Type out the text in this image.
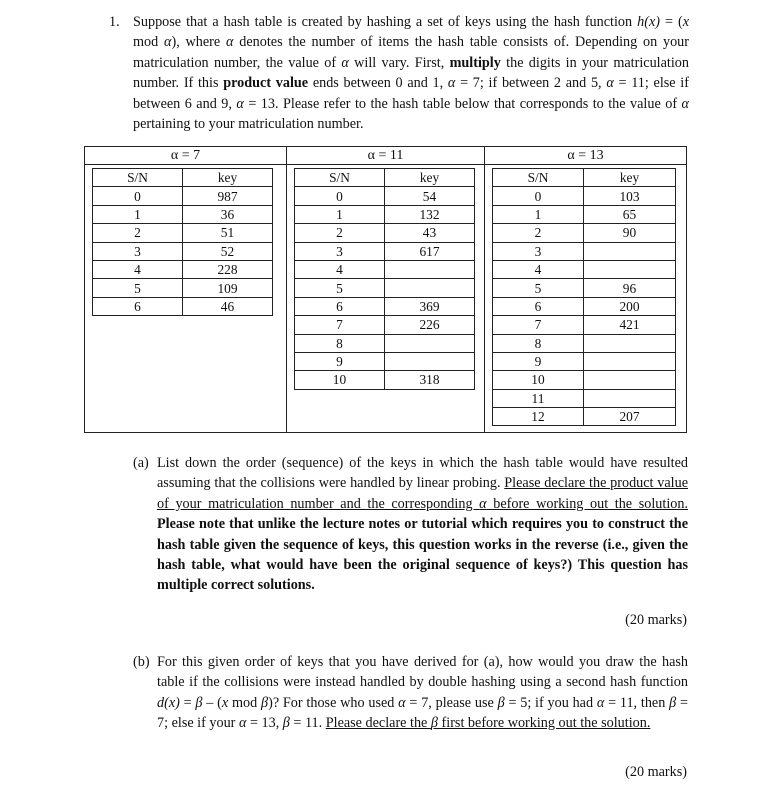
1. Suppose that a hash table is created by hashing a set of keys using the hash function h(x) = (x mod α), where α denotes the number of items the hash table consists of. Depending on your matriculation number, the value of α will vary. First, multiply the digits in your matriculation number. If this product value ends between 0 and 1, α = 7; if between 2 and 5, α = 11; else if between 6 and 9, α = 13. Please refer to the hash table below that corresponds to the value of α pertaining to your matriculation number.
α = 7
S/N	key
0	987
1	36
2	51
3	52
4	228
5	109
6	46
α = 11
S/N	key
0	54
1	132
2	43
3	617
4	
5	
6	369
7	226
8	
9	
10	318
α = 13
S/N	key
0	103
1	65
2	90
3	
4	
5	96
6	200
7	421
8	
9	
10	
11	
12	207
(a) List down the order (sequence) of the keys in which the hash table would have resulted assuming that the collisions were handled by linear probing. Please declare the product value of your matriculation number and the corresponding α before working out the solution. Please note that unlike the lecture notes or tutorial which requires you to construct the hash table given the sequence of keys, this question works in the reverse (i.e., given the hash table, what would have been the original sequence of keys?) This question has multiple correct solutions.
(20 marks)
(b) For this given order of keys that you have derived for (a), how would you draw the hash table if the collisions were instead handled by double hashing using a second hash function d(x) = β – (x mod β)? For those who used α = 7, please use β = 5; if you had α = 11, then β = 7; else if your α = 13, β = 11. Please declare the β first before working out the solution.
(20 marks)
